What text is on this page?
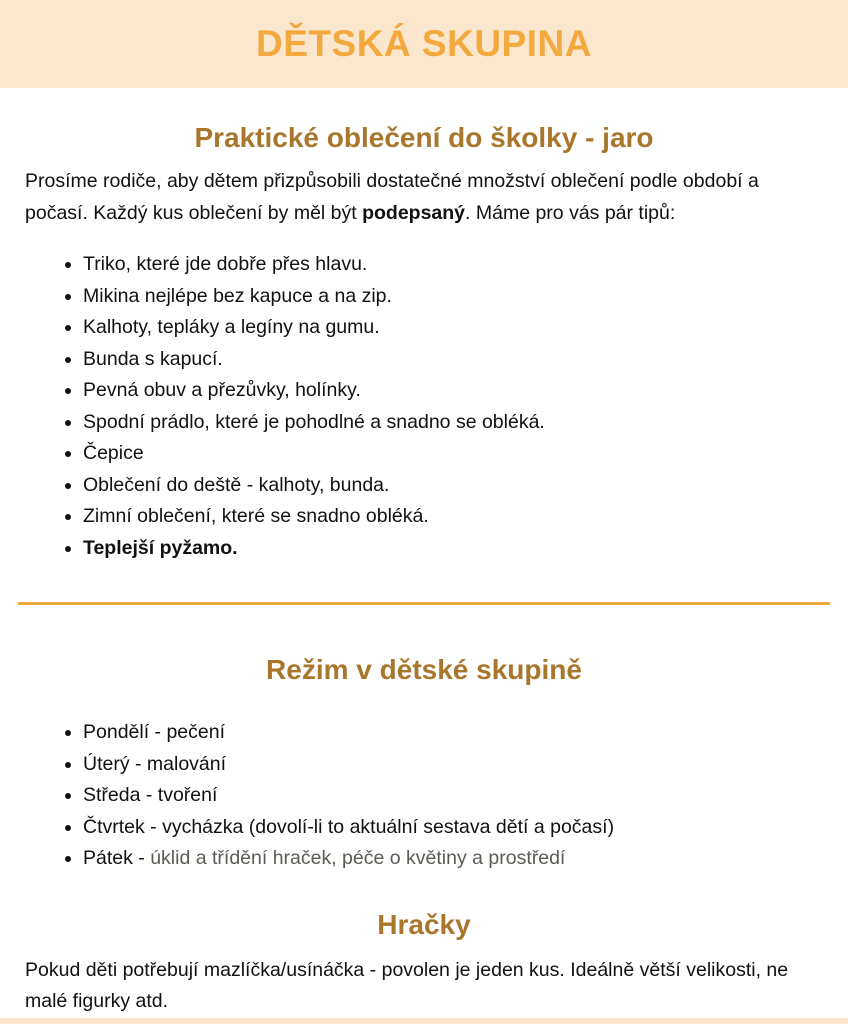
DĚTSKÁ SKUPINA
Praktické oblečení do školky - jaro

Prosíme rodiče, aby dětem přizpůsobili dostatečné množství oblečení podle období a počasí. Každý kus oblečení by měl být podepsaný. Máme pro vás pár tipů:

• Triko, které jde dobře přes hlavu.
• Mikina nejlépe bez kapuce a na zip.
• Kalhoty, tepláky a legíny na gumu.
• Bunda s kapucí.
• Pevná obuv a přezůvky, holínky.
• Spodní prádlo, které je pohodlné a snadno se obléká.
• Čepice
• Oblečení do deště - kalhoty, bunda.
• Zimní oblečení, které se snadno obléká.
• Teplejší pyžamo.
Režim v dětské skupině
• Pondělí - pečení
• Úterý - malování
• Středa - tvoření
• Čtvrtek - vycházka (dovolí-li to aktuální sestava dětí a počasí)
• Pátek - úklid a třídění hraček, péče o květiny a prostředí
Hračky

Pokud děti potřebují mazlíčka/usínáčka - povolen je jeden kus. Ideálně větší velikosti, ne malé figurky atd.
